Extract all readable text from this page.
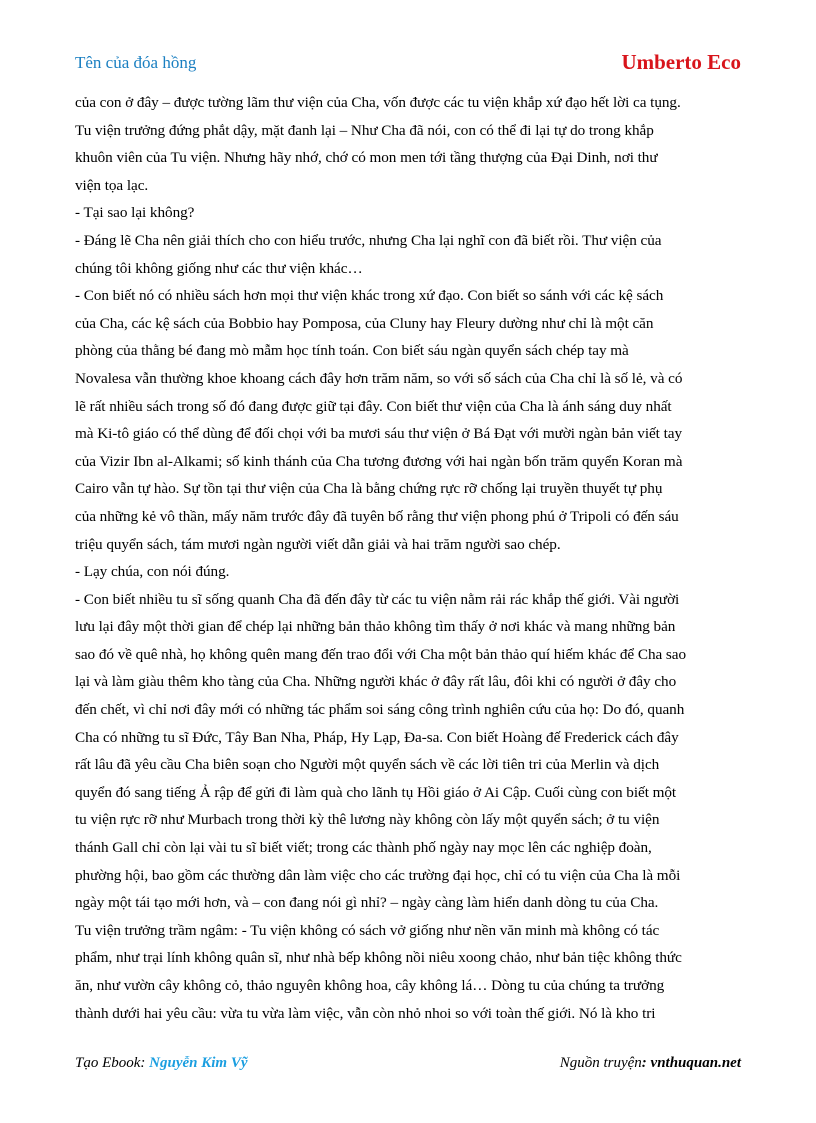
Tên của đóa hồng	Umberto Eco
của con ở đây – được tường lãm thư viện của Cha, vốn được các tu viện khắp xứ đạo hết lời ca tụng.
Tu viện trưởng đứng phắt dậy, mặt đanh lại – Như Cha đã nói, con có thể đi lại tự do trong khắp
khuôn viên của Tu viện. Nhưng hãy nhớ, chớ có mon men tới tầng thượng của Đại Dinh, nơi thư
viện tọa lạc.
- Tại sao lại không?
- Đáng lẽ Cha nên giải thích cho con hiểu trước, nhưng Cha lại nghĩ con đã biết rồi. Thư viện của
chúng tôi không giống như các thư viện khác…
- Con biết nó có nhiều sách hơn mọi thư viện khác trong xứ đạo. Con biết so sánh với các kệ sách
của Cha, các kệ sách của Bobbio hay Pomposa, của Cluny hay Fleury dường như chỉ là một căn
phòng của thằng bé đang mò mẫm học tính toán. Con biết sáu ngàn quyển sách chép tay mà
Novalesa vẫn thường khoe khoang cách đây hơn trăm năm, so với số sách của Cha chỉ là số lẻ, và có
lẽ rất nhiều sách trong số đó đang được giữ tại đây. Con biết thư viện của Cha là ánh sáng duy nhất
mà Ki-tô giáo có thể dùng để đối chọi với ba mươi sáu thư viện ở Bá Đạt với mười ngàn bản viết tay
của Vizir Ibn al-Alkami; số kinh thánh của Cha tương đương với hai ngàn bốn trăm quyển Koran mà
Cairo vẫn tự hào. Sự tồn tại thư viện của Cha là bằng chứng rực rỡ chống lại truyền thuyết tự phụ
của những kẻ vô thần, mấy năm trước đây đã tuyên bố rằng thư viện phong phú ở Tripoli có đến sáu
triệu quyển sách, tám mươi ngàn người viết dẫn giải và hai trăm người sao chép.
- Lạy chúa, con nói đúng.
- Con biết nhiều tu sĩ sống quanh Cha đã đến đây từ các tu viện nằm rải rác khắp thế giới. Vài người
lưu lại đây một thời gian để chép lại những bản thảo không tìm thấy ở nơi khác và mang những bản
sao đó về quê nhà, họ không quên mang đến trao đổi với Cha một bản thảo quí hiếm khác để Cha sao
lại và làm giàu thêm kho tàng của Cha. Những người khác ở đây rất lâu, đôi khi có người ở đây cho
đến chết, vì chỉ nơi đây mới có những tác phẩm soi sáng công trình nghiên cứu của họ: Do đó, quanh
Cha có những tu sĩ Đức, Tây Ban Nha, Pháp, Hy Lạp, Đa-sa. Con biết Hoàng đế Frederick cách đây
rất lâu đã yêu cầu Cha biên soạn cho Người một quyển sách về các lời tiên tri của Merlin và dịch
quyển đó sang tiếng Ả rập để gửi đi làm quà cho lãnh tụ Hồi giáo ở Ai Cập. Cuối cùng con biết một
tu viện rực rỡ như Murbach trong thời kỳ thê lương này không còn lấy một quyển sách; ở tu viện
thánh Gall chỉ còn lại vài tu sĩ biết viết; trong các thành phố ngày nay mọc lên các nghiệp đoàn,
phường hội, bao gồm các thường dân làm việc cho các trường đại học, chỉ có tu viện của Cha là mỗi
ngày một tái tạo mới hơn, và – con đang nói gì nhỉ? – ngày càng làm hiển danh dòng tu của Cha.
Tu viện trưởng trầm ngâm: - Tu viện không có sách vở giống như nền văn minh mà không có tác
phẩm, như trại lính không quân sĩ, như nhà bếp không nồi niêu xoong chảo, như bản tiệc không thức
ăn, như vườn cây không cỏ, thảo nguyên không hoa, cây không lá… Dòng tu của chúng ta trưởng
thành dưới hai yêu cầu: vừa tu vừa làm việc, vẫn còn nhỏ nhoi so với toàn thế giới. Nó là kho tri
Tạo Ebook: Nguyễn Kim Vỹ	Nguồn truyện: vnthuquan.net
